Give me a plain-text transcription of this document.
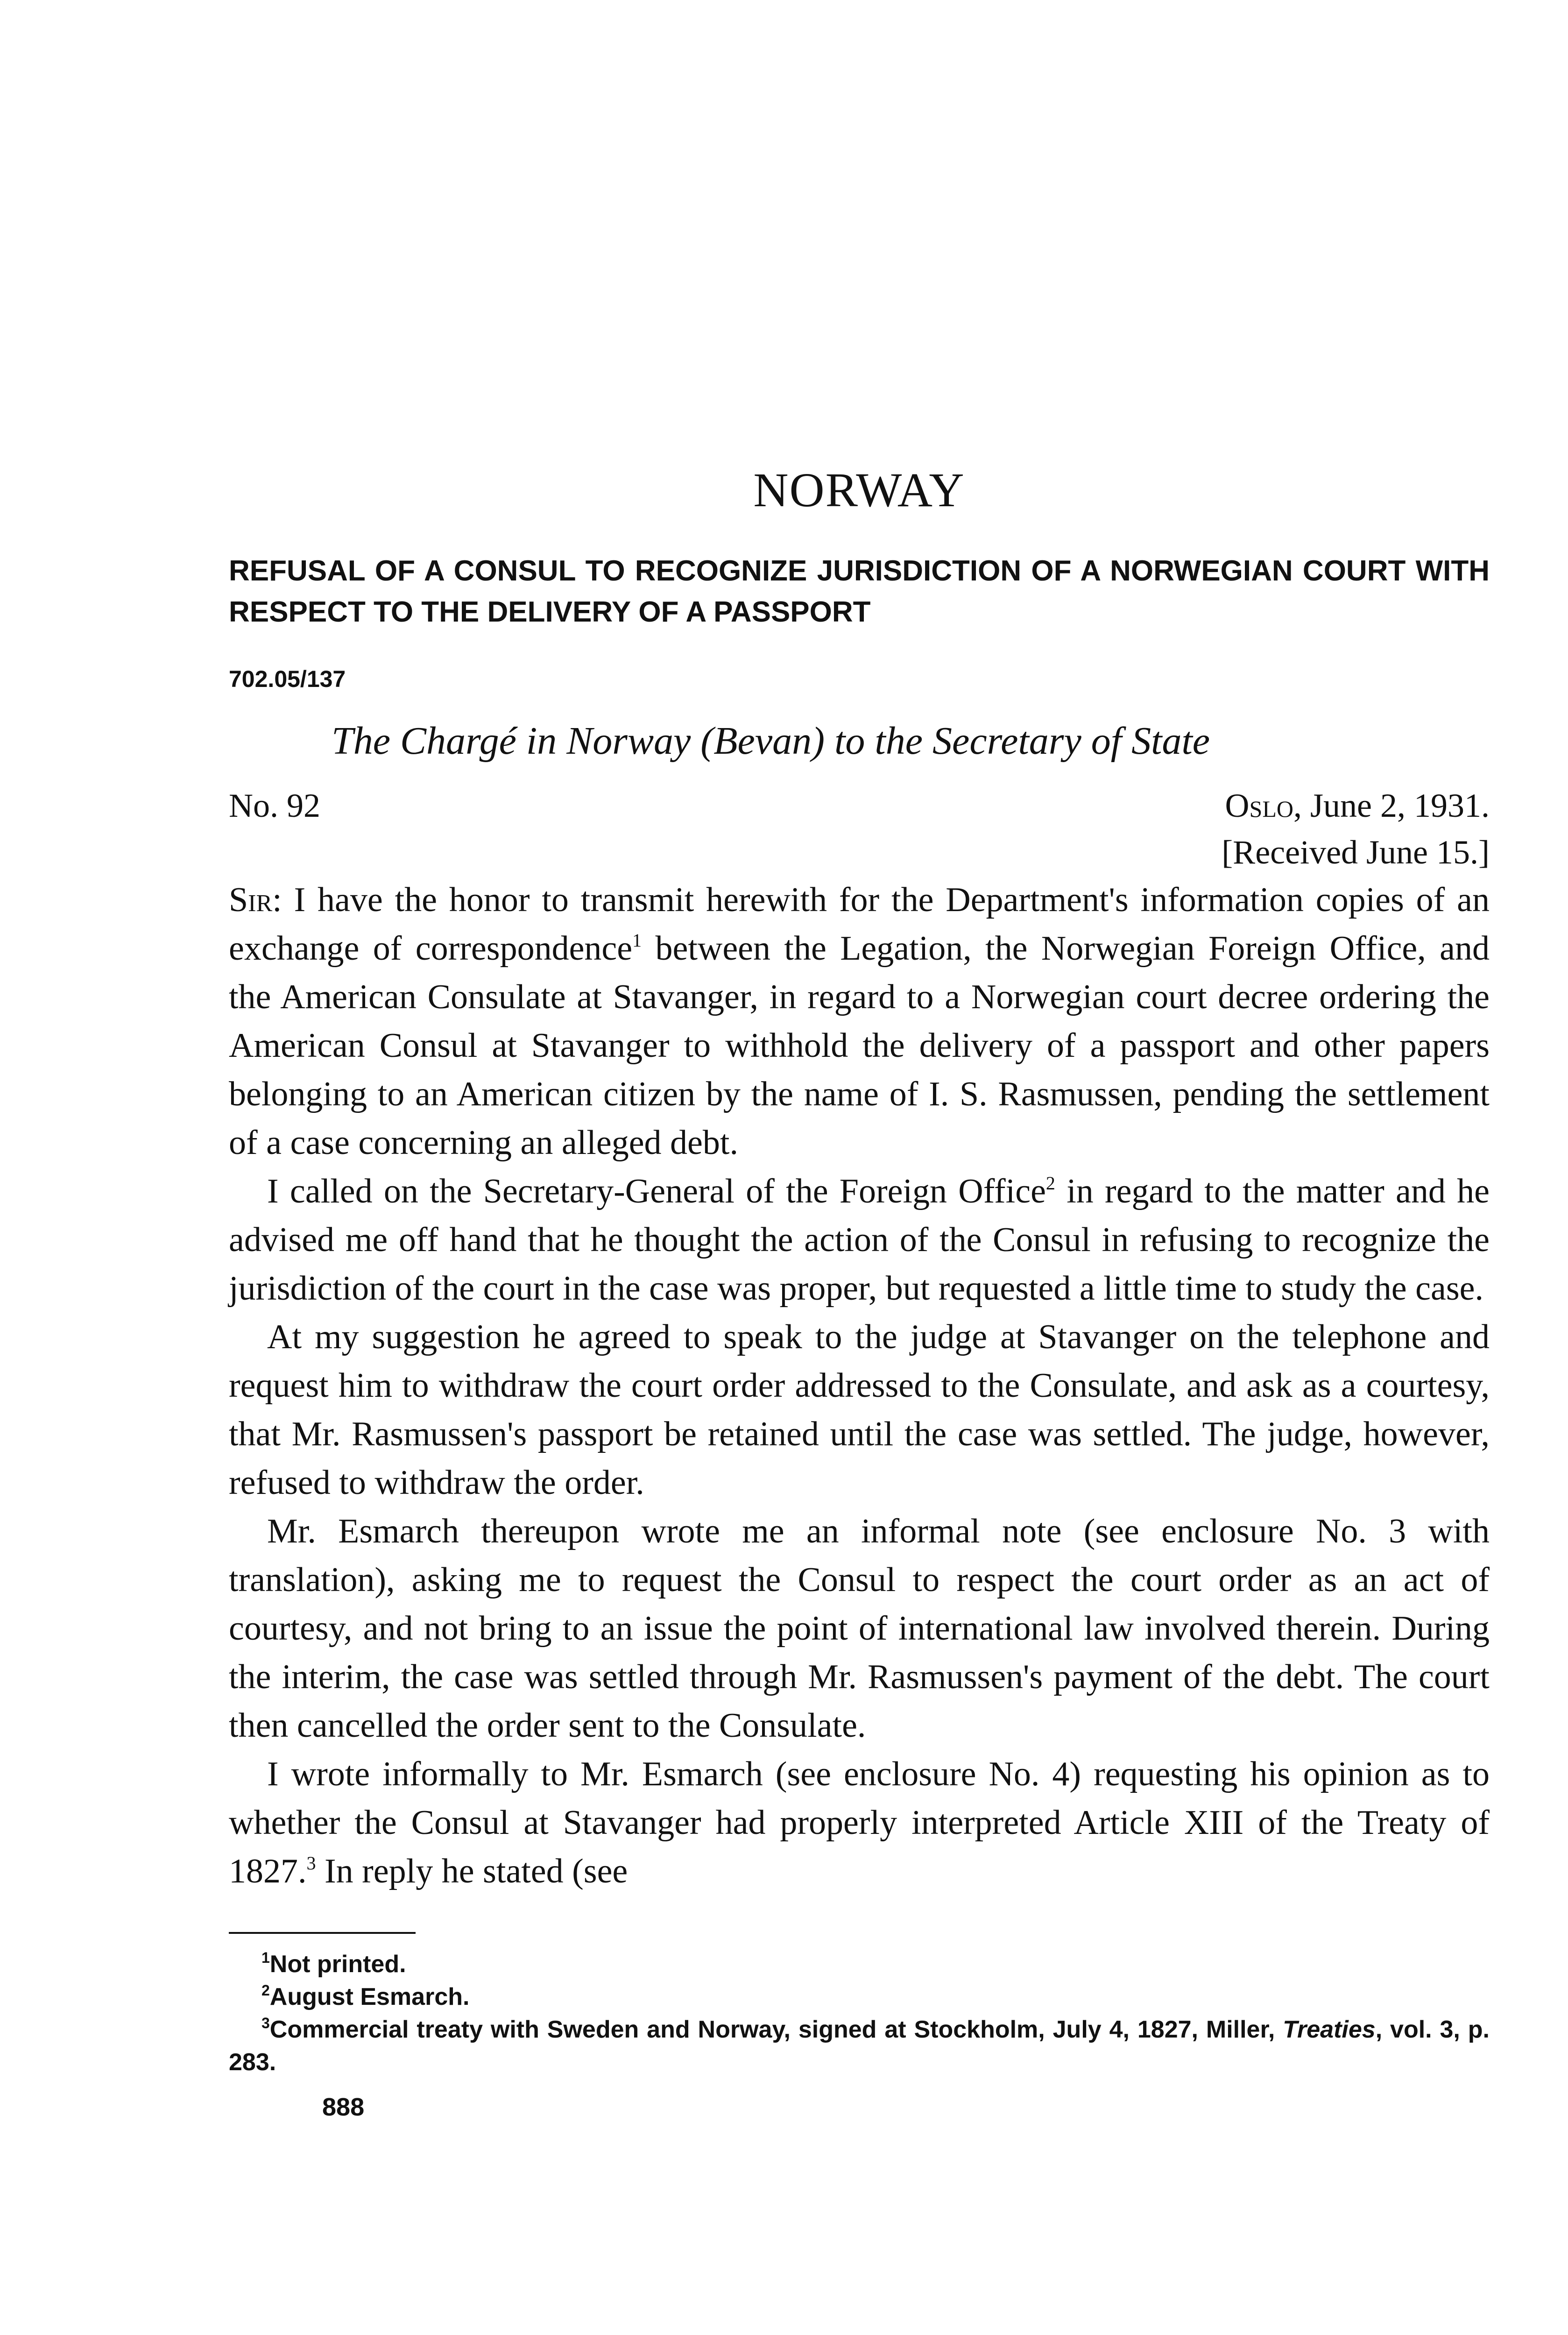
NORWAY
REFUSAL OF A CONSUL TO RECOGNIZE JURISDICTION OF A NORWEGIAN COURT WITH RESPECT TO THE DELIVERY OF A PASSPORT
702.05/137
The Chargé in Norway (Bevan) to the Secretary of State
No. 92	Oslo, June 2, 1931.
[Received June 15.]

Sir: I have the honor to transmit herewith for the Department's information copies of an exchange of correspondence$^1$ between the Legation, the Norwegian Foreign Office, and the American Consulate at Stavanger, in regard to a Norwegian court decree ordering the American Consul at Stavanger to withhold the delivery of a passport and other papers belonging to an American citizen by the name of I. S. Rasmussen, pending the settlement of a case concerning an alleged debt.

I called on the Secretary-General of the Foreign Office$^2$ in regard to the matter and he advised me off hand that he thought the action of the Consul in refusing to recognize the jurisdiction of the court in the case was proper, but requested a little time to study the case.

At my suggestion he agreed to speak to the judge at Stavanger on the telephone and request him to withdraw the court order addressed to the Consulate, and ask as a courtesy, that Mr. Rasmussen's passport be retained until the case was settled. The judge, however, refused to withdraw the order.

Mr. Esmarch thereupon wrote me an informal note (see enclosure No. 3 with translation), asking me to request the Consul to respect the court order as an act of courtesy, and not bring to an issue the point of international law involved therein. During the interim, the case was settled through Mr. Rasmussen's payment of the debt. The court then cancelled the order sent to the Consulate.

I wrote informally to Mr. Esmarch (see enclosure No. 4) requesting his opinion as to whether the Consul at Stavanger had properly interpreted Article XIII of the Treaty of 1827.$^3$ In reply he stated (see

$^1$Not printed.
$^2$August Esmarch.
$^3$Commercial treaty with Sweden and Norway, signed at Stockholm, July 4, 1827, Miller, Treaties, vol. 3, p. 283.
888
